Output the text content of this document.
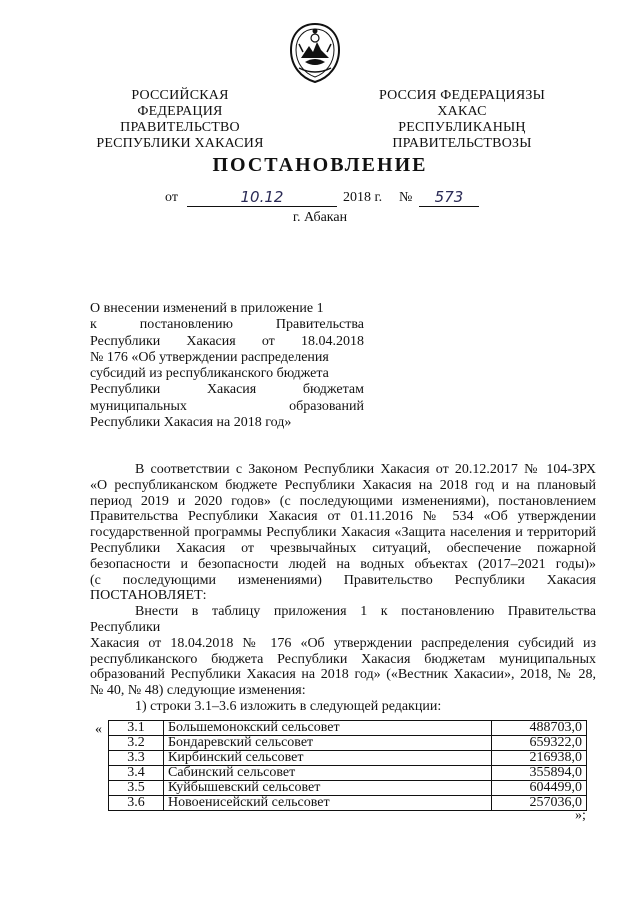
РОССИЙСКАЯ ФЕДЕРАЦИЯ
ПРАВИТЕЛЬСТВО
РЕСПУБЛИКИ ХАКАСИЯ
РОССИЯ ФЕДЕРАЦИЯЗЫ
ХАКАС РЕСПУБЛИКАНЫҢ
ПРАВИТЕЛЬСТВОЗЫ
ПОСТАНОВЛЕНИЕ
от	10.12	2018 г. №	573
г. Абакан
О внесении изменений в приложение 1
к постановлению Правительства
Республики Хакасия от 18.04.2018
№ 176 «Об утверждении распределения
субсидий из республиканского бюджета
Республики Хакасия бюджетам
муниципальных образований
Республики Хакасия на 2018 год»
В соответствии с Законом Республики Хакасия от 20.12.2017 № 104-ЗРХ
«О республиканском бюджете Республики Хакасия на 2018 год и на плановый
период 2019 и 2020 годов» (с последующими изменениями), постановлением
Правительства Республики Хакасия от 01.11.2016 № 534 «Об утверждении
государственной программы Республики Хакасия «Защита населения и территорий
Республики Хакасия от чрезвычайных ситуаций, обеспечение пожарной
безопасности и безопасности людей на водных объектах (2017–2021 годы)»
(с последующими изменениями) Правительство Республики Хакасия
ПОСТАНОВЛЯЕТ:
Внести в таблицу приложения 1 к постановлению Правительства Республики
Хакасия от 18.04.2018 № 176 «Об утверждении распределения субсидий из
республиканского бюджета Республики Хакасия бюджетам муниципальных
образований Республики Хакасия на 2018 год» («Вестник Хакасии», 2018, № 28,
№ 40, № 48) следующие изменения:
1) строки 3.1–3.6 изложить в следующей редакции:
« 3.1	Большемонокский сельсовет	488703,0
3.2	Бондаревский сельсовет	659322,0
3.3	Кирбинский сельсовет	216938,0
3.4	Сабинский сельсовет	355894,0
3.5	Куйбышевский сельсовет	604499,0
3.6	Новоенисейский сельсовет	257036,0
»;
